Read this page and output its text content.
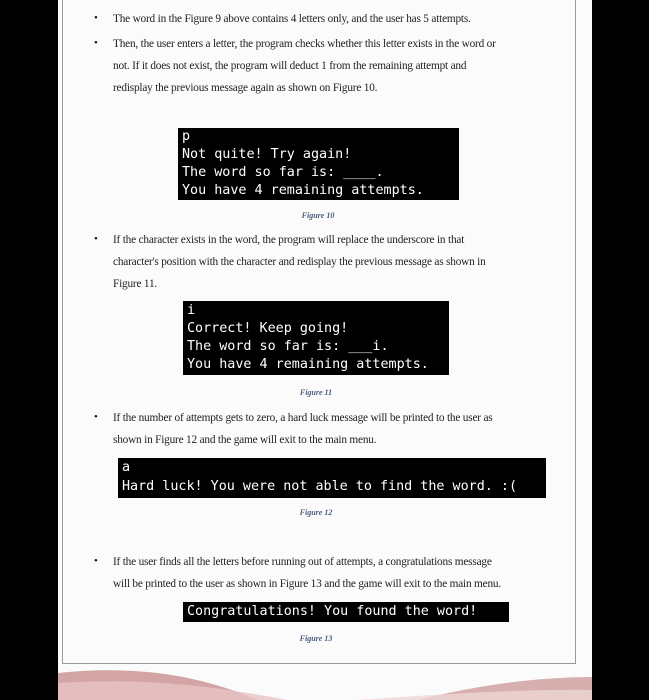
• The word in the Figure 9 above contains 4 letters only, and the user has 5 attempts.
• Then, the user enters a letter, the program checks whether this letter exists in the word or
not. If it does not exist, the program will deduct 1 from the remaining attempt and
redisplay the previous message again as shown on Figure 10.
p
Not quite! Try again!
The word so far is: ____.
You have 4 remaining attempts.
Figure 10
• If the character exists in the word, the program will replace the underscore in that
character's position with the character and redisplay the previous message as shown in
Figure 11.
i
Correct! Keep going!
The word so far is: ___i.
You have 4 remaining attempts.
Figure 11
• If the number of attempts gets to zero, a hard luck message will be printed to the user as
shown in Figure 12 and the game will exit to the main menu.
a
Hard luck! You were not able to find the word. :(
Figure 12
• If the user finds all the letters before running out of attempts, a congratulations message
will be printed to the user as shown in Figure 13 and the game will exit to the main menu.
Congratulations! You found the word!
Figure 13
